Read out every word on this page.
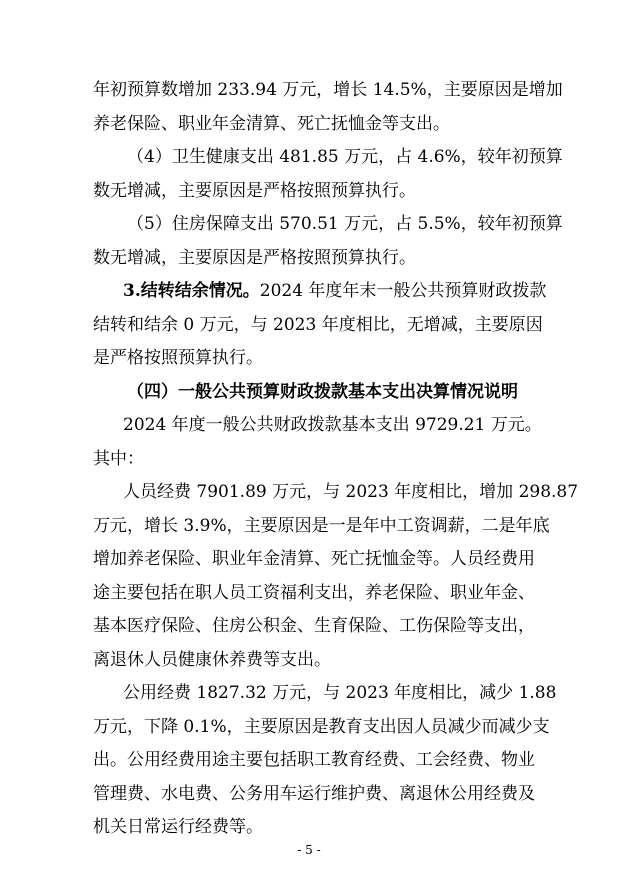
年初预算数增加 233.94 万元，增长 14.5%，主要原因是增加
养老保险、职业年金清算、死亡抚恤金等支出。
（4）卫生健康支出 481.85 万元，占 4.6%，较年初预算
数无增减，主要原因是严格按照预算执行。
（5）住房保障支出 570.51 万元，占 5.5%，较年初预算
数无增减，主要原因是严格按照预算执行。
3.结转结余情况。2024 年度年末一般公共预算财政拨款
结转和结余 0 万元，与 2023 年度相比，无增减，主要原因
是严格按照预算执行。
（四）一般公共预算财政拨款基本支出决算情况说明
2024 年度一般公共财政拨款基本支出 9729.21 万元。
其中：
人员经费 7901.89 万元，与 2023 年度相比，增加 298.87
万元，增长 3.9%，主要原因是一是年中工资调薪，二是年底
增加养老保险、职业年金清算、死亡抚恤金等。人员经费用
途主要包括在职人员工资福利支出，养老保险、职业年金、
基本医疗保险、住房公积金、生育保险、工伤保险等支出，
离退休人员健康休养费等支出。
公用经费 1827.32 万元，与 2023 年度相比，减少 1.88
万元，下降 0.1%，主要原因是教育支出因人员减少而减少支
出。公用经费用途主要包括职工教育经费、工会经费、物业
管理费、水电费、公务用车运行维护费、离退休公用经费及
机关日常运行经费等。
- 5 -
